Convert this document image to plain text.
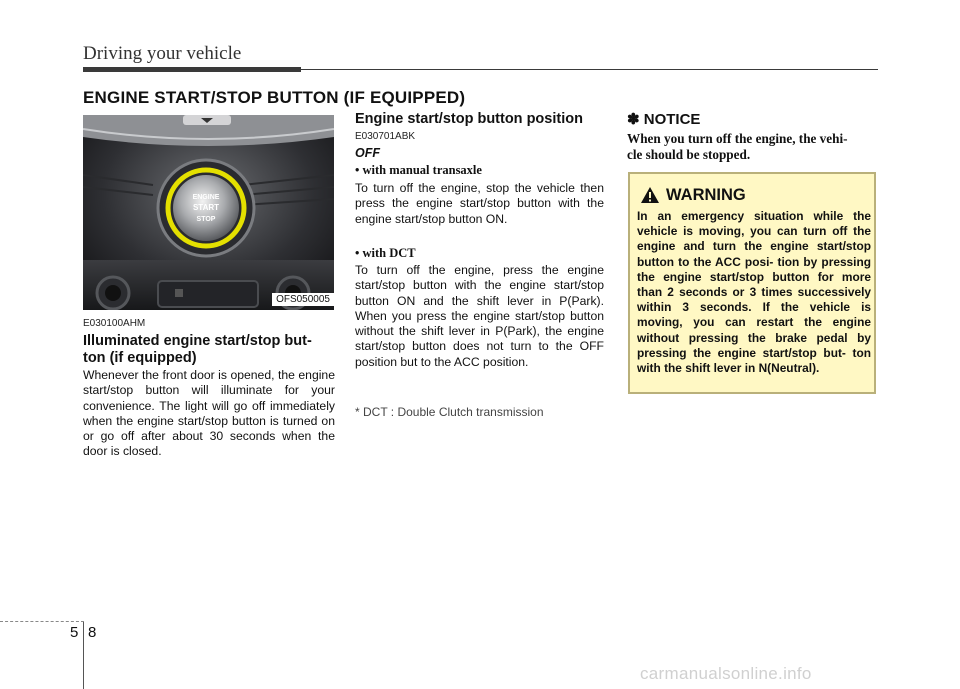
Driving your vehicle
ENGINE START/STOP BUTTON (IF EQUIPPED)
ENGINE
START
STOP
OFS050005
E030100AHM
Illuminated engine start/stop but-
ton (if equipped)
Whenever the front door is opened, the engine start/stop button will illuminate for your convenience. The light will go off immediately when the engine start/stop button is turned on or go off after about 30 seconds when the door is closed.
Engine start/stop button position
E030701ABK
OFF
• with manual transaxle
To turn off the engine, stop the vehicle then press the engine start/stop button with the engine start/stop button ON.
• with DCT
To turn off the engine, press the engine start/stop button with the engine start/stop button ON and the shift lever in P(Park). When you press the engine start/stop button without the shift lever in P(Park), the engine start/stop button does not turn to the OFF position but to the ACC position.
* DCT : Double Clutch transmission
✽ NOTICE
When you turn off the engine, the vehi-
cle should be stopped.
WARNING
In an emergency situation while the vehicle is moving, you can turn off the engine and turn the engine start/stop button to the ACC posi- tion by pressing the engine start/stop button for more than 2 seconds or 3 times successively within 3 seconds. If the vehicle is moving, you can restart the engine without pressing the brake pedal by pressing the engine start/stop but- ton with the shift lever in N(Neutral).
5 8
carmanualsonline.info
